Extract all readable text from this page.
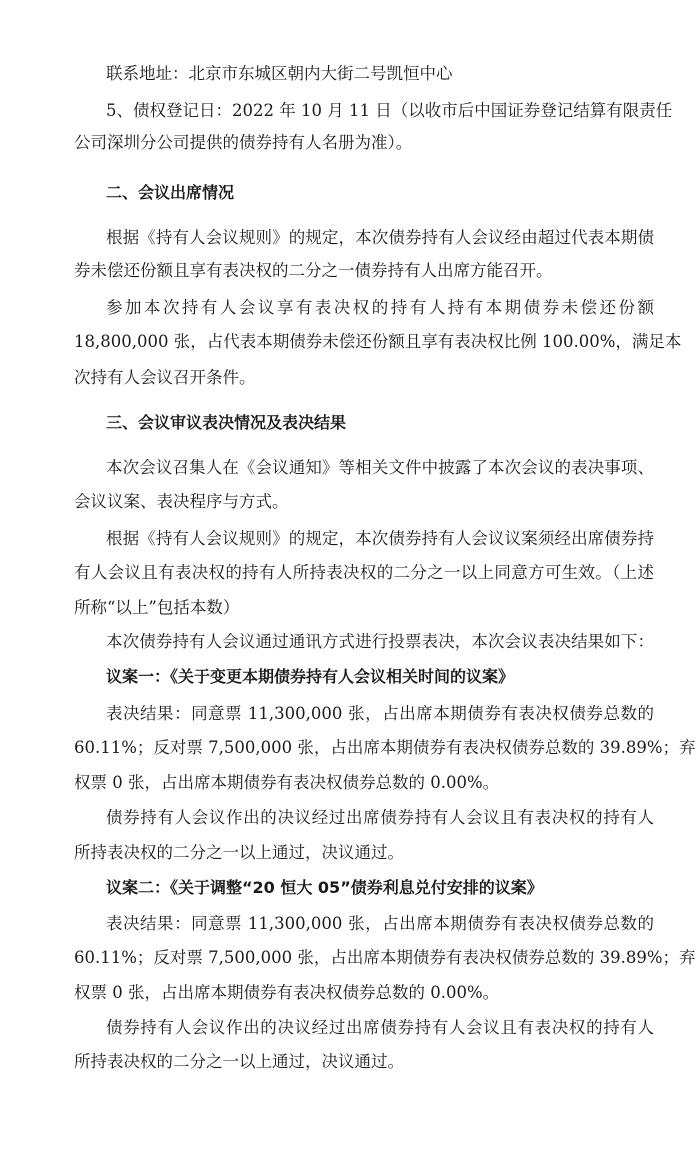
联系地址：北京市东城区朝内大街二号凯恒中心
5、债权登记日：2022 年 10 月 11 日（以收市后中国证券登记结算有限责任
公司深圳分公司提供的债券持有人名册为准）。
二、会议出席情况
根据《持有人会议规则》的规定，本次债券持有人会议经由超过代表本期债
券未偿还份额且享有表决权的二分之一债券持有人出席方能召开。
参加本次持有人会议享有表决权的持有人持有本期债券未偿还份额
18,800,000 张，占代表本期债券未偿还份额且享有表决权比例 100.00%，满足本
次持有人会议召开条件。
三、会议审议表决情况及表决结果
本次会议召集人在《会议通知》等相关文件中披露了本次会议的表决事项、
会议议案、表决程序与方式。
根据《持有人会议规则》的规定，本次债券持有人会议议案须经出席债券持
有人会议且有表决权的持有人所持表决权的二分之一以上同意方可生效。（上述
所称“以上”包括本数）
本次债券持有人会议通过通讯方式进行投票表决，本次会议表决结果如下：
议案一：《关于变更本期债券持有人会议相关时间的议案》
表决结果：同意票 11,300,000 张，占出席本期债券有表决权债券总数的
60.11%；反对票 7,500,000 张，占出席本期债券有表决权债券总数的 39.89%；弃
权票 0 张，占出席本期债券有表决权债券总数的 0.00%。
债券持有人会议作出的决议经过出席债券持有人会议且有表决权的持有人
所持表决权的二分之一以上通过，决议通过。
议案二：《关于调整“20 恒大 05”债券利息兑付安排的议案》
表决结果：同意票 11,300,000 张，占出席本期债券有表决权债券总数的
60.11%；反对票 7,500,000 张，占出席本期债券有表决权债券总数的 39.89%；弃
权票 0 张，占出席本期债券有表决权债券总数的 0.00%。
债券持有人会议作出的决议经过出席债券持有人会议且有表决权的持有人
所持表决权的二分之一以上通过，决议通过。
